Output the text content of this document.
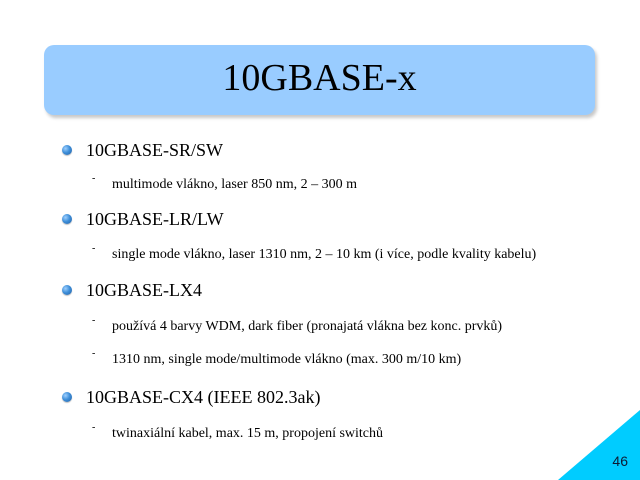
10GBASE-x
10GBASE-SR/SW
-	multimode vlákno, laser 850 nm, 2 – 300 m
10GBASE-LR/LW
-	single mode vlákno, laser 1310 nm, 2 – 10 km (i více, podle kvality kabelu)
10GBASE-LX4
-	používá 4 barvy WDM, dark fiber (pronajatá vlákna bez konc. prvků)
-	1310 nm, single mode/multimode vlákno (max. 300 m/10 km)
10GBASE-CX4 (IEEE 802.3ak)
-	twinaxiální kabel, max. 15 m, propojení switchů
46
